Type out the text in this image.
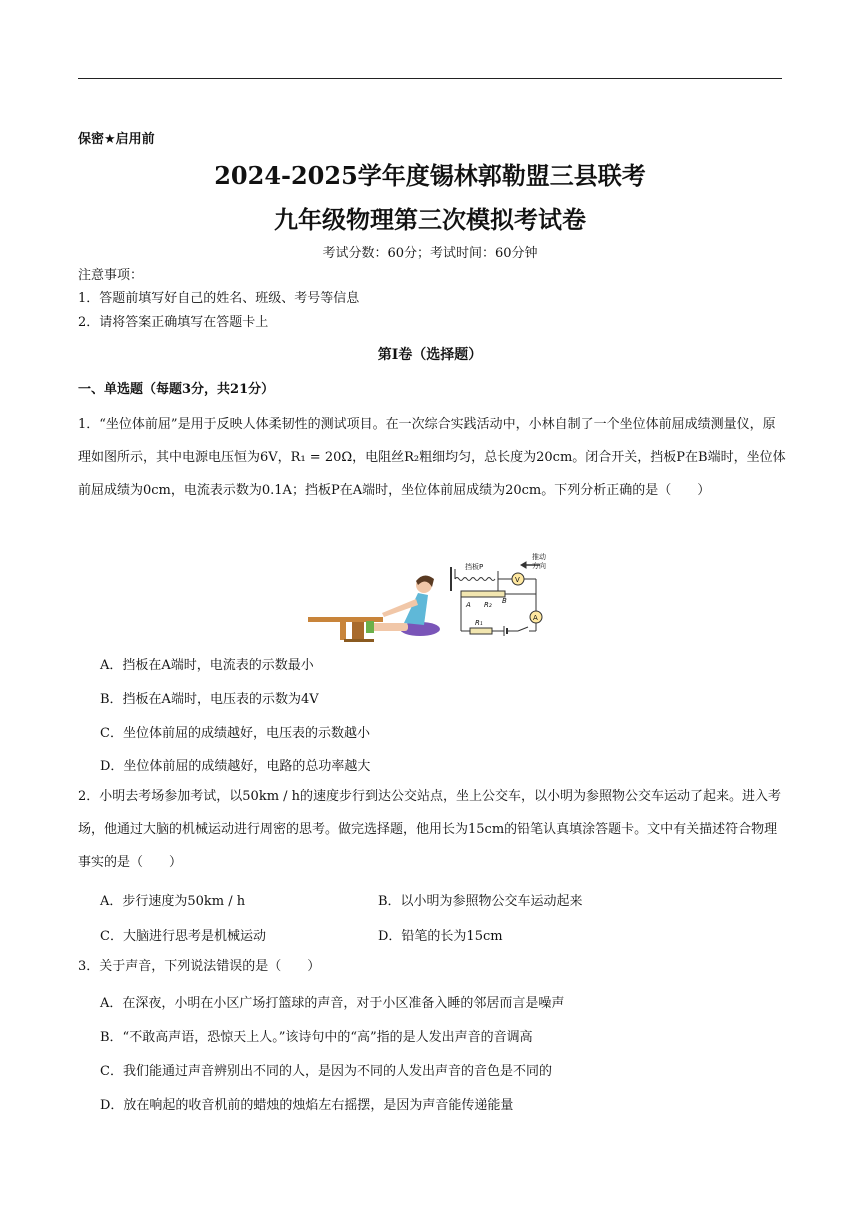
保密★启用前
2024-2025学年度锡林郭勒盟三县联考
九年级物理第三次模拟考试卷
考试分数：60分；考试时间：60分钟
注意事项：
1．答题前填写好自己的姓名、班级、考号等信息
2．请将答案正确填写在答题卡上
第I卷（选择题）
一、单选题（每题3分，共21分）
1．“坐位体前屈”是用于反映人体柔韧性的测试项目。在一次综合实践活动中，小林自制了一个坐位体前屈成绩测量仪，原理如图所示，其中电源电压恒为6V，R₁ = 20Ω，电阻丝R₂粗细均匀，总长度为20cm。闭合开关，挡板P在B端时，坐位体前屈成绩为0cm，电流表示数为0.1A；挡板P在A端时，坐位体前屈成绩为20cm。下列分析正确的是（　　）
挡板P
推动
方向
V
A R₂ B
A
R₁
A．挡板在A端时，电流表的示数最小
B．挡板在A端时，电压表的示数为4V
C．坐位体前屈的成绩越好，电压表的示数越小
D．坐位体前屈的成绩越好，电路的总功率越大
2．小明去考场参加考试，以50km / h的速度步行到达公交站点，坐上公交车，以小明为参照物公交车运动了起来。进入考场，他通过大脑的机械运动进行周密的思考。做完选择题，他用长为15cm的铅笔认真填涂答题卡。文中有关描述符合物理事实的是（　　）
A．步行速度为50km / h	B．以小明为参照物公交车运动起来
C．大脑进行思考是机械运动	D．铅笔的长为15cm
3．关于声音，下列说法错误的是（　　）
A．在深夜，小明在小区广场打篮球的声音，对于小区准备入睡的邻居而言是噪声
B．“不敢高声语，恐惊天上人。”该诗句中的“高”指的是人发出声音的音调高
C．我们能通过声音辨别出不同的人，是因为不同的人发出声音的音色是不同的
D．放在响起的收音机前的蜡烛的烛焰左右摇摆，是因为声音能传递能量
